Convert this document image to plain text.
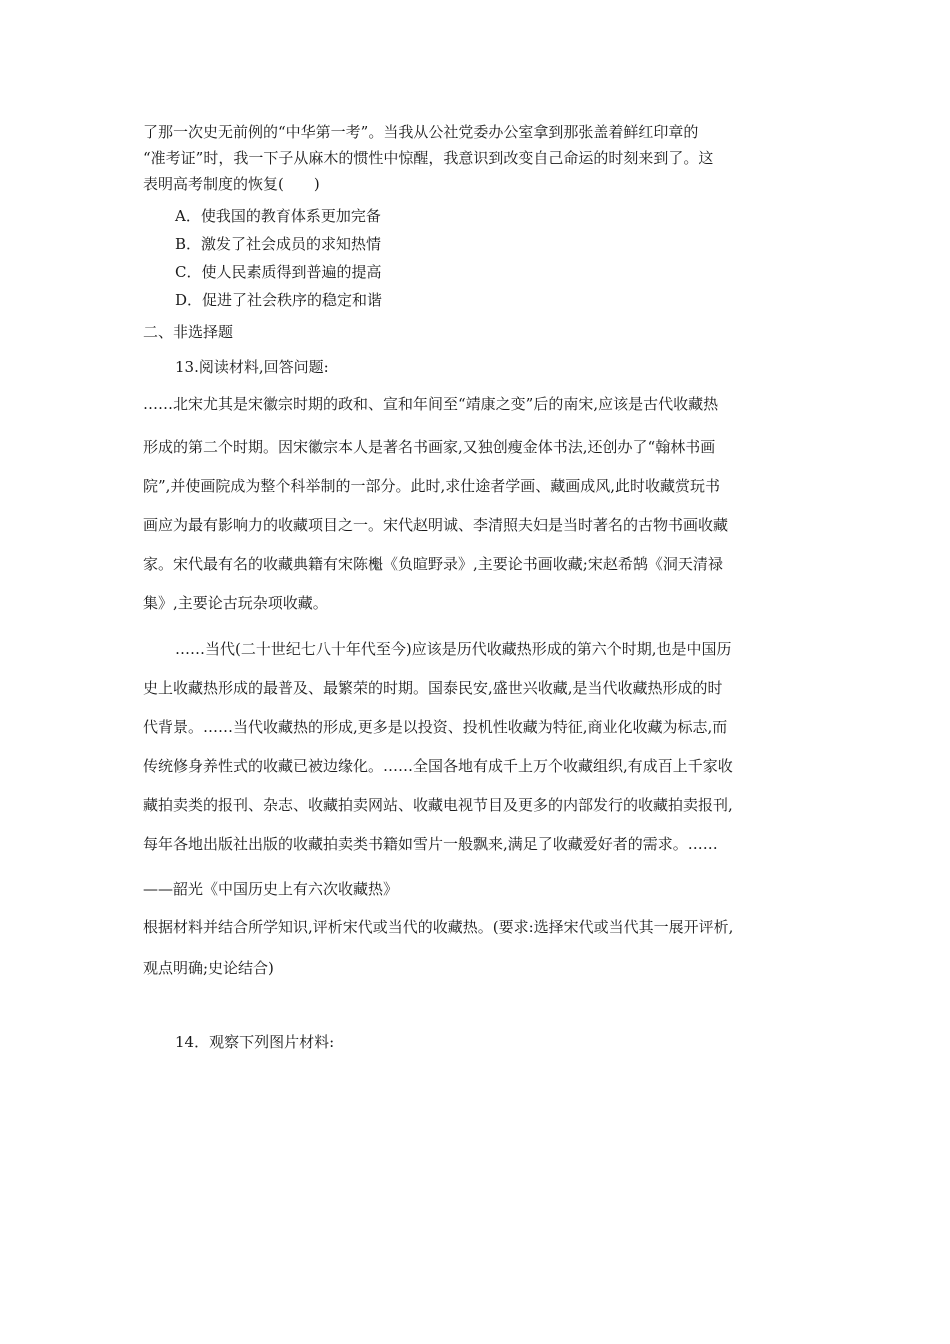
了那一次史无前例的“中华第一考”。当我从公社党委办公室拿到那张盖着鲜红印章的
“准考证”时，我一下子从麻木的惯性中惊醒，我意识到改变自己命运的时刻来到了。这
表明高考制度的恢复(　　)
A．使我国的教育体系更加完备
B．激发了社会成员的求知热情
C．使人民素质得到普遍的提高
D．促进了社会秩序的稳定和谐
二、非选择题
13.阅读材料,回答问题:
……北宋尤其是宋徽宗时期的政和、宣和年间至“靖康之变”后的南宋,应该是古代收藏热
形成的第二个时期。因宋徽宗本人是著名书画家,又独创瘦金体书法,还创办了“翰林书画
院”,并使画院成为整个科举制的一部分。此时,求仕途者学画、藏画成风,此时收藏赏玩书
画应为最有影响力的收藏项目之一。宋代赵明诚、李清照夫妇是当时著名的古物书画收藏
家。宋代最有名的收藏典籍有宋陈櫆《负暄野录》,主要论书画收藏;宋赵希鹄《洞天清禄
集》,主要论古玩杂项收藏。
……当代(二十世纪七八十年代至今)应该是历代收藏热形成的第六个时期,也是中国历
史上收藏热形成的最普及、最繁荣的时期。国泰民安,盛世兴收藏,是当代收藏热形成的时
代背景。……当代收藏热的形成,更多是以投资、投机性收藏为特征,商业化收藏为标志,而
传统修身养性式的收藏已被边缘化。……全国各地有成千上万个收藏组织,有成百上千家收
藏拍卖类的报刊、杂志、收藏拍卖网站、收藏电视节目及更多的内部发行的收藏拍卖报刊,
每年各地出版社出版的收藏拍卖类书籍如雪片一般飘来,满足了收藏爱好者的需求。……
——韶光《中国历史上有六次收藏热》
根据材料并结合所学知识,评析宋代或当代的收藏热。(要求:选择宋代或当代其一展开评析,
观点明确;史论结合)
14．观察下列图片材料:
